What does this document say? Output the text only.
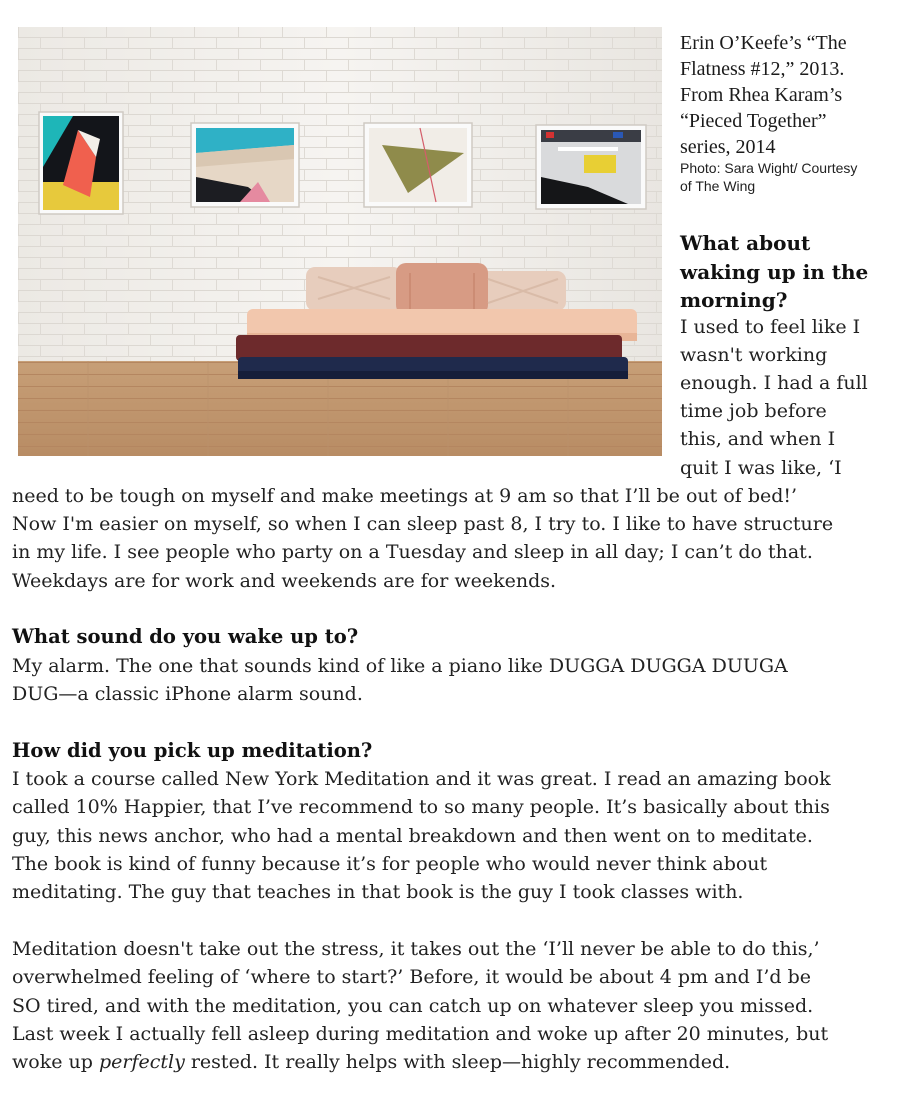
Erin O’Keefe’s “The
Flatness #12,” 2013.
From Rhea Karam’s
“Pieced Together”
series, 2014
Photo: Sara Wight/ Courtesy
of The Wing
What about
waking up in the
morning?
I used to feel like I
wasn't working
enough. I had a full
time job before
this, and when I
quit I was like, ‘I
need to be tough on myself and make meetings at 9 am so that I’ll be out of bed!’
Now I'm easier on myself, so when I can sleep past 8, I try to. I like to have structure
in my life. I see people who party on a Tuesday and sleep in all day; I can’t do that.
Weekdays are for work and weekends are for weekends.
What sound do you wake up to?
My alarm. The one that sounds kind of like a piano like DUGGA DUGGA DUUGA
DUG—a classic iPhone alarm sound.
How did you pick up meditation?
I took a course called New York Meditation and it was great. I read an amazing book
called 10% Happier, that I’ve recommend to so many people. It’s basically about this
guy, this news anchor, who had a mental breakdown and then went on to meditate.
The book is kind of funny because it’s for people who would never think about
meditating. The guy that teaches in that book is the guy I took classes with.
Meditation doesn't take out the stress, it takes out the ‘I’ll never be able to do this,’
overwhelmed feeling of ‘where to start?’ Before, it would be about 4 pm and I’d be
SO tired, and with the meditation, you can catch up on whatever sleep you missed.
Last week I actually fell asleep during meditation and woke up after 20 minutes, but
woke up perfectly rested. It really helps with sleep—highly recommended.
